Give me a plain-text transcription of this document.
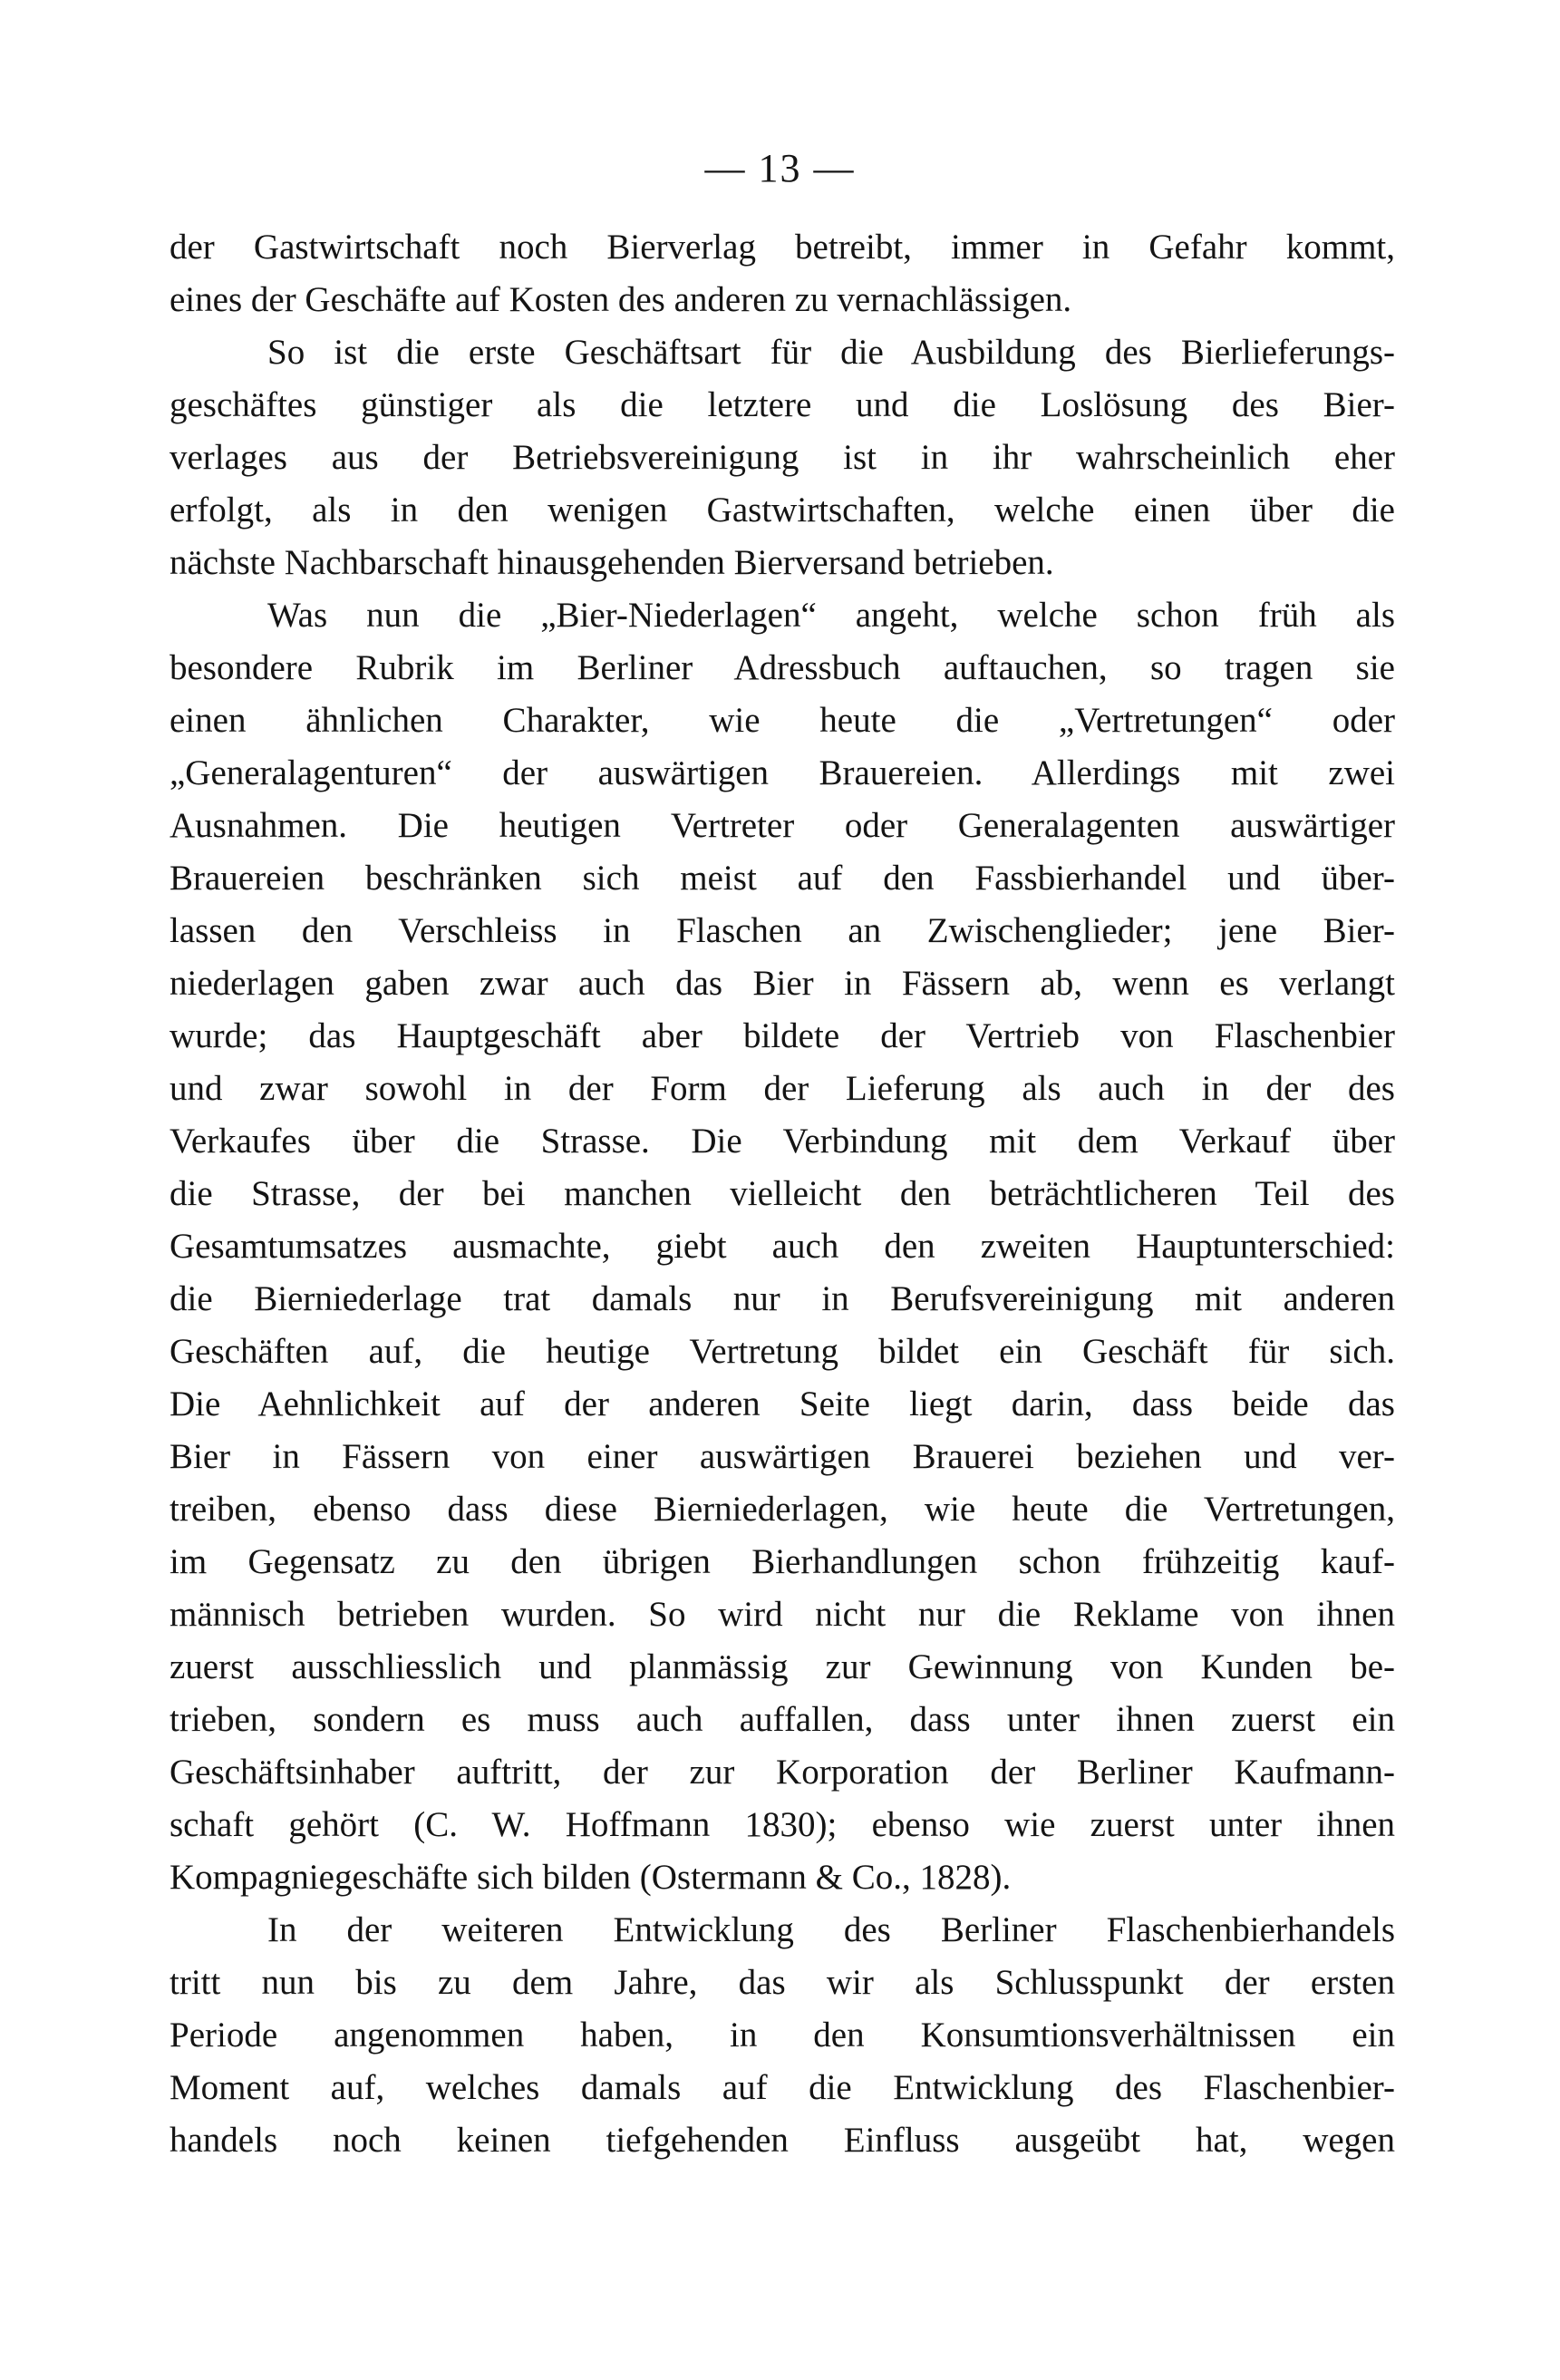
— 13 —
der Gastwirtschaft noch Bierverlag betreibt, immer in Gefahr kommt,
eines der Geschäfte auf Kosten des anderen zu vernachlässigen.
So ist die erste Geschäftsart für die Ausbildung des Bierlieferungs-
geschäftes günstiger als die letztere und die Loslösung des Bier-
verlages aus der Betriebsvereinigung ist in ihr wahrscheinlich eher
erfolgt, als in den wenigen Gastwirtschaften, welche einen über die
nächste Nachbarschaft hinausgehenden Bierversand betrieben.
Was nun die „Bier-Niederlagen“ angeht, welche schon früh als
besondere Rubrik im Berliner Adressbuch auftauchen, so tragen sie
einen ähnlichen Charakter, wie heute die „Vertretungen“ oder
„Generalagenturen“ der auswärtigen Brauereien. Allerdings mit zwei
Ausnahmen. Die heutigen Vertreter oder Generalagenten auswärtiger
Brauereien beschränken sich meist auf den Fassbierhandel und über-
lassen den Verschleiss in Flaschen an Zwischenglieder; jene Bier-
niederlagen gaben zwar auch das Bier in Fässern ab, wenn es verlangt
wurde; das Hauptgeschäft aber bildete der Vertrieb von Flaschenbier
und zwar sowohl in der Form der Lieferung als auch in der des
Verkaufes über die Strasse. Die Verbindung mit dem Verkauf über
die Strasse, der bei manchen vielleicht den beträchtlicheren Teil des
Gesamtumsatzes ausmachte, giebt auch den zweiten Hauptunterschied:
die Bierniederlage trat damals nur in Berufsvereinigung mit anderen
Geschäften auf, die heutige Vertretung bildet ein Geschäft für sich.
Die Aehnlichkeit auf der anderen Seite liegt darin, dass beide das
Bier in Fässern von einer auswärtigen Brauerei beziehen und ver-
treiben, ebenso dass diese Bierniederlagen, wie heute die Vertretungen,
im Gegensatz zu den übrigen Bierhandlungen schon frühzeitig kauf-
männisch betrieben wurden. So wird nicht nur die Reklame von ihnen
zuerst ausschliesslich und planmässig zur Gewinnung von Kunden be-
trieben, sondern es muss auch auffallen, dass unter ihnen zuerst ein
Geschäftsinhaber auftritt, der zur Korporation der Berliner Kaufmann-
schaft gehört (C. W. Hoffmann 1830); ebenso wie zuerst unter ihnen
Kompagniegeschäfte sich bilden (Ostermann & Co., 1828).
In der weiteren Entwicklung des Berliner Flaschenbierhandels
tritt nun bis zu dem Jahre, das wir als Schlusspunkt der ersten
Periode angenommen haben, in den Konsumtionsverhältnissen ein
Moment auf, welches damals auf die Entwicklung des Flaschenbier-
handels noch keinen tiefgehenden Einfluss ausgeübt hat, wegen
